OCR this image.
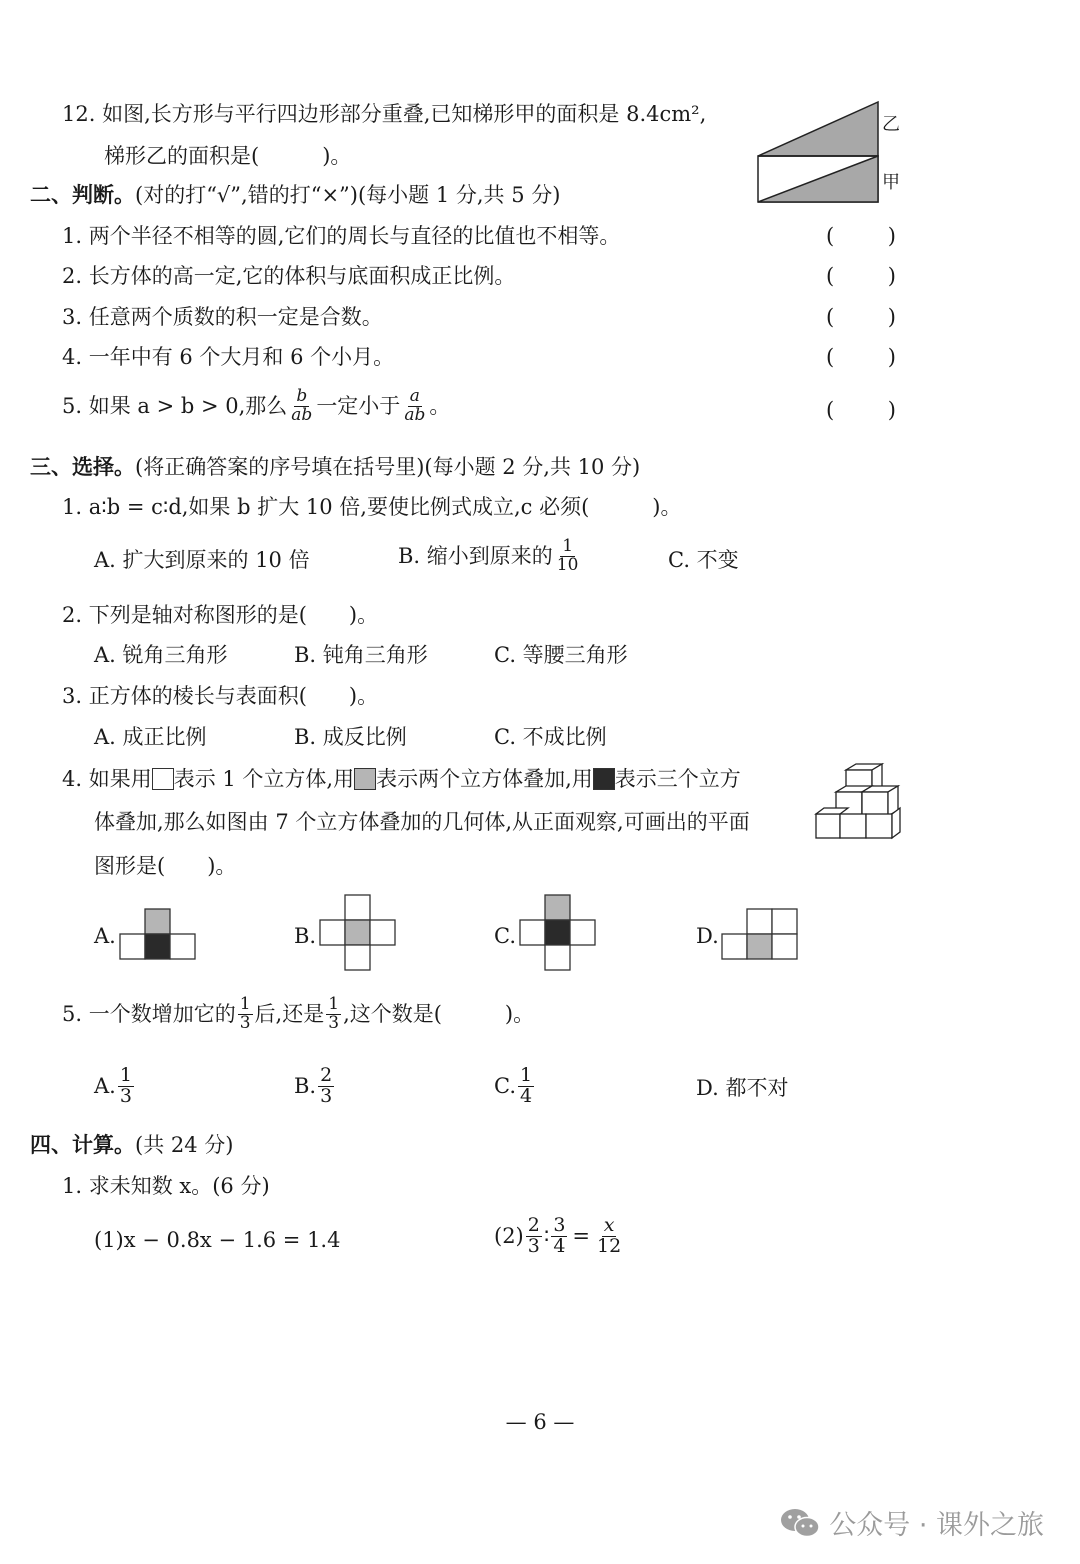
12. 如图,长方形与平行四边形部分重叠,已知梯形甲的面积是 8.4cm²,
梯形乙的面积是(　　　)。
乙
甲
二、判断。(对的打“√”,错的打“×”)(每小题 1 分,共 5 分)
1. 两个半径不相等的圆,它们的周长与直径的比值也不相等。
2. 长方体的高一定,它的体积与底面积成正比例。
3. 任意两个质数的积一定是合数。
4. 一年中有 6 个大月和 6 个小月。
5. 如果 a > b > 0,那么 $\frac{b}{ab}$ 一定小于 $\frac{a}{ab}$ 。
(	)
(	)
(	)
(	)
(	)
三、选择。(将正确答案的序号填在括号里)(每小题 2 分,共 10 分)
1. a∶b = c∶d,如果 b 扩大 10 倍,要使比例式成立,c 必须(　　　)。
A. 扩大到原来的 10 倍	B. 缩小到原来的 $\frac{1}{10}$	C. 不变
2. 下列是轴对称图形的是(　　)。
A. 锐角三角形	B. 钝角三角形	C. 等腰三角形
3. 正方体的棱长与表面积(　　)。
A. 成正比例	B. 成反比例	C. 不成比例
4. 如果用 表示 1 个立方体,用 表示两个立方体叠加,用 表示三个立方
体叠加,那么如图由 7 个立方体叠加的几何体,从正面观察,可画出的平面
图形是(　　)。
A.	B.	C.	D.
5. 一个数增加它的 $\frac{1}{3}$ 后,还是 $\frac{1}{3}$ ,这个数是(　　　)。
A. $\frac{1}{3}$	B. $\frac{2}{3}$	C. $\frac{1}{4}$	D. 都不对
四、计算。(共 24 分)
1. 求未知数 x。(6 分)
(1)x − 0.8x − 1.6 = 1.4	$(2) \frac{2}{3}$ ∶ $\frac{3}{4} = \frac{x}{12}$
— 6 —
公众号 · 课外之旅
